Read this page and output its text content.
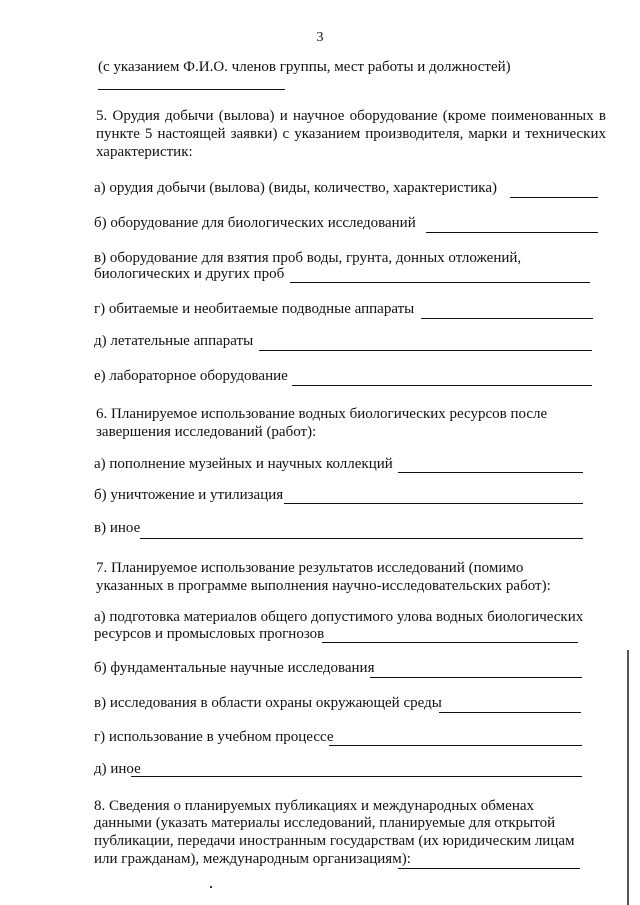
3
(с указанием Ф.И.О. членов группы, мест работы и должностей)
5. Орудия добычи (вылова) и научное оборудование (кроме поименованных в пункте 5 настоящей заявки) с указанием производителя, марки и технических характеристик:
а) орудия добычи (вылова) (виды, количество, характеристика)
б) оборудование для биологических исследований
в) оборудование для взятия проб воды, грунта, донных отложений,
биологических и других проб
г) обитаемые и необитаемые подводные аппараты
д) летательные аппараты
е) лабораторное оборудование
6. Планируемое использование водных биологических ресурсов после завершения исследований (работ):
а) пополнение музейных и научных коллекций
б) уничтожение и утилизация
в) иное
7. Планируемое использование результатов исследований (помимо указанных в программе выполнения научно-исследовательских работ):
а) подготовка материалов общего допустимого улова водных биологических
ресурсов и промысловых прогнозов
б) фундаментальные научные исследования
в) исследования в области охраны окружающей среды
г) использование в учебном процессе
д) иное
8. Сведения о планируемых публикациях и международных обменах
данными (указать материалы исследований, планируемые для открытой
публикации, передачи иностранным государствам (их юридическим лицам
или гражданам), международным организациям):
